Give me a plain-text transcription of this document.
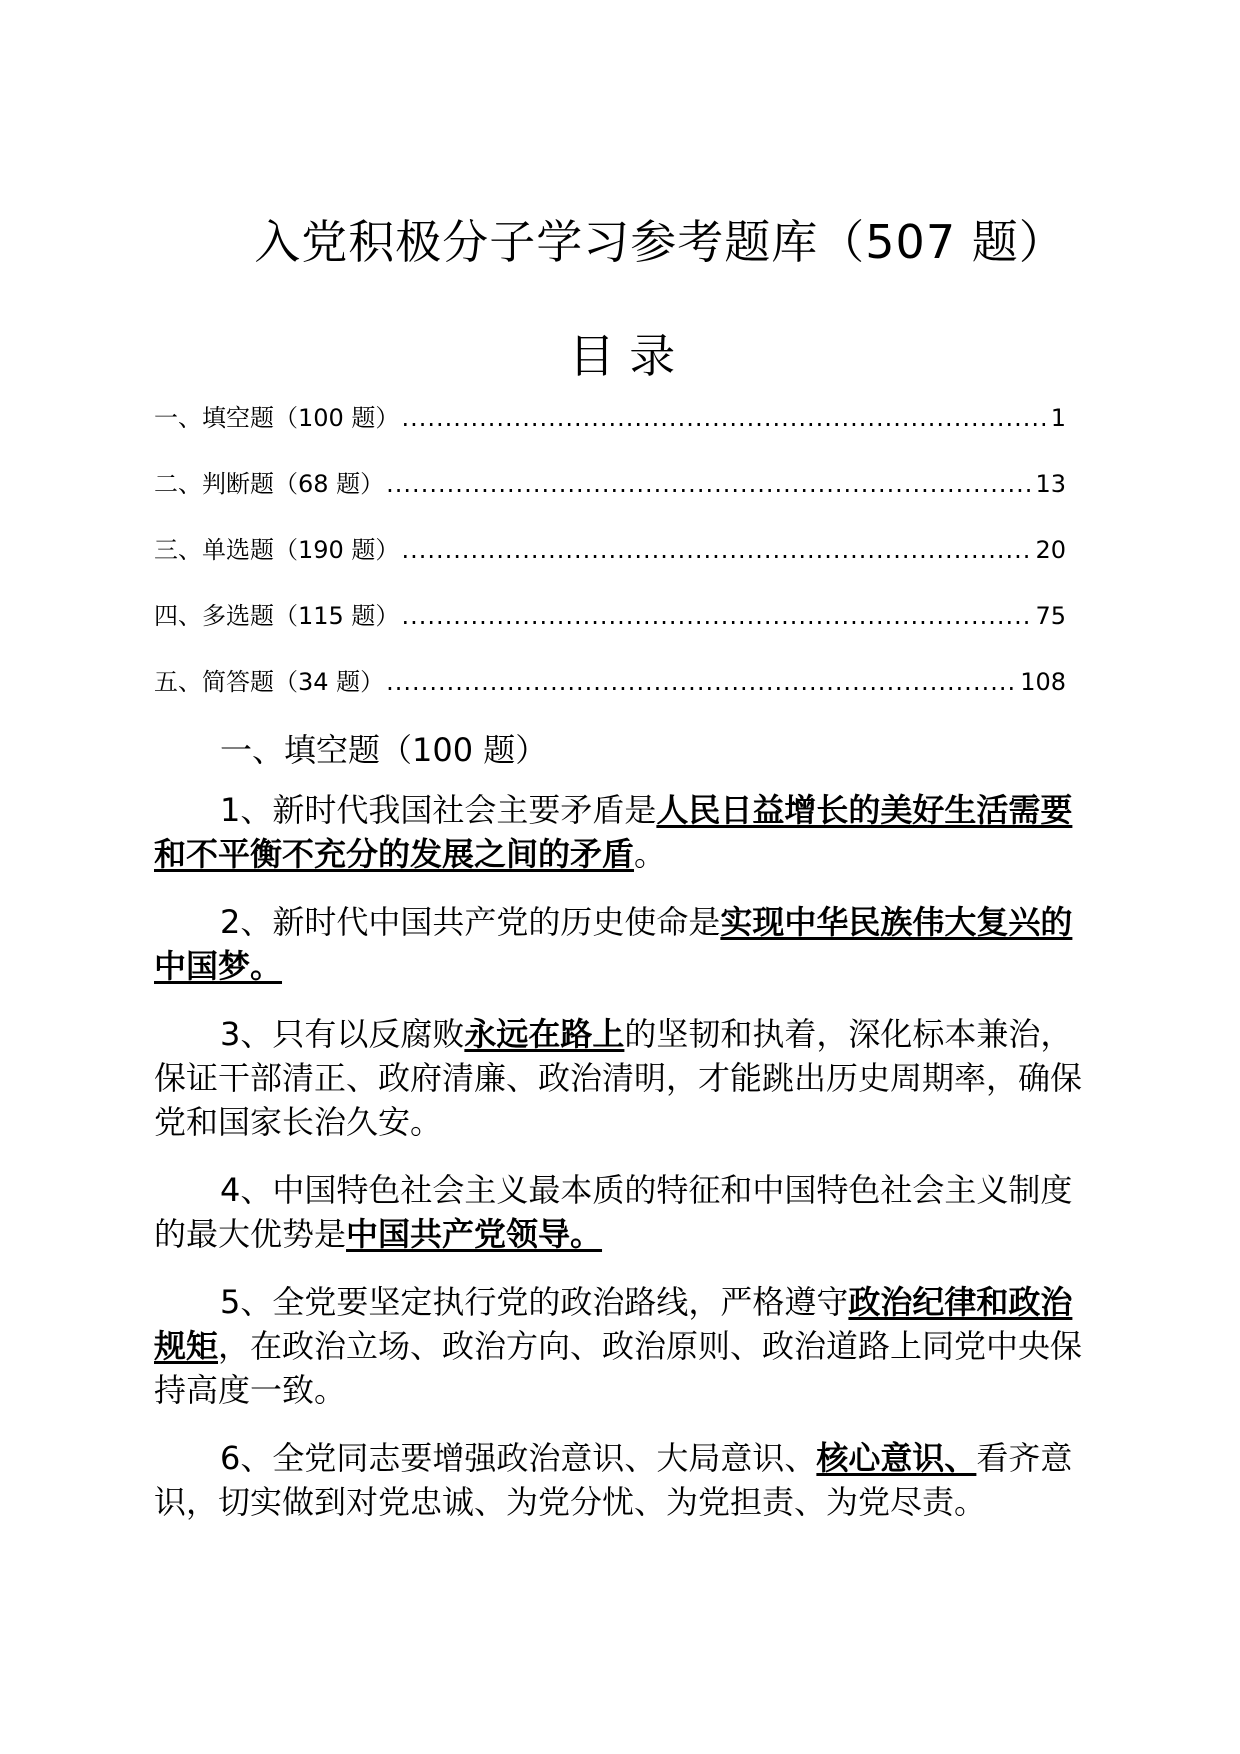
入党积极分子学习参考题库（507 题）
目 录
一、填空题（100 题） .....	1
二、判断题（68 题） .....	13
三、单选题（190 题） .....	20
四、多选题（115 题） .....	75
五、简答题（34 题） .....	108
一、填空题（100 题）

1、新时代我国社会主要矛盾是人民日益增长的美好生活需要和不平衡不充分的发展之间的矛盾。

2、新时代中国共产党的历史使命是实现中华民族伟大复兴的中国梦。

3、只有以反腐败永远在路上的坚韧和执着，深化标本兼治，保证干部清正、政府清廉、政治清明，才能跳出历史周期率，确保党和国家长治久安。

4、中国特色社会主义最本质的特征和中国特色社会主义制度的最大优势是中国共产党领导。

5、全党要坚定执行党的政治路线，严格遵守政治纪律和政治规矩，在政治立场、政治方向、政治原则、政治道路上同党中央保持高度一致。

6、全党同志要增强政治意识、大局意识、核心意识、看齐意识，切实做到对党忠诚、为党分忧、为党担责、为党尽责。
